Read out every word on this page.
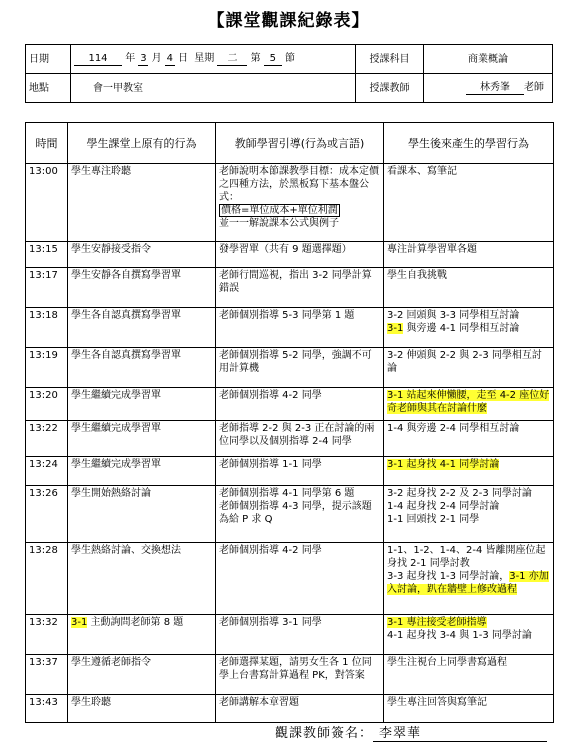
【課堂觀課紀錄表】
日期	114 年 3 月 4 日 星期 二 第 5 節	授課科目	商業概論
地點	會一甲教室	授課教師	林秀峯 老師
時間	學生課堂上原有的行為	教師學習引導(行為或言語)	學生後來產生的學習行為
13:00	學生專注聆聽	老師說明本節課教學目標：成本定價之四種方法，於黑板寫下基本盤公式：
價格=單位成本+單位利潤
並一一解說課本公式與例子	看課本、寫筆記
13:15	學生安靜接受指令	發學習單（共有 9 題選擇題）	專注計算學習單各題
13:17	學生安靜各自撰寫學習單	老師行間巡視，指出 3-2 同學計算錯誤	學生自我挑戰
13:18	學生各自認真撰寫學習單	老師個別指導 5-3 同學第 1 題	3-2 回頭與 3-3 同學相互討論
3-1 與旁邊 4-1 同學相互討論
13:19	學生各自認真撰寫學習單	老師個別指導 5-2 同學，強調不可用計算機	3-2 伸頭與 2-2 與 2-3 同學相互討論
13:20	學生繼續完成學習單	老師個別指導 4-2 同學	3-1 站起來伸懶腰，走至 4-2 座位好奇老師與其在討論什麼
13:22	學生繼續完成學習單	老師指導 2-2 與 2-3 正在討論的兩位同學以及個別指導 2-4 同學	1-4 與旁邊 2-4 同學相互討論
13:24	學生繼續完成學習單	老師個別指導 1-1 同學	3-1 起身找 4-1 同學討論
13:26	學生開始熱絡討論	老師個別指導 4-1 同學第 6 題
老師個別指導 4-3 同學，提示該題為給 P 求 Q	3-2 起身找 2-2 及 2-3 同學討論
1-4 起身找 2-4 同學討論
1-1 回頭找 2-1 同學
13:28	學生熱絡討論、交換想法	老師個別指導 4-2 同學	1-1、1-2、1-4、2-4 皆離開座位起身找 2-1 同學討教
3-3 起身找 1-3 同學討論，3-1 亦加入討論，趴在牆壁上修改過程
13:32	3-1 主動詢問老師第 8 題	老師個別指導 3-1 同學	3-1 專注接受老師指導
4-1 起身找 3-4 與 1-3 同學討論
13:37	學生遵循老師指令	老師選擇某題，請男女生各 1 位同學上台書寫計算過程 PK，對答案	學生注視台上同學書寫過程
13:43	學生聆聽	老師講解本章習題	學生專注回答與寫筆記
觀課教師簽名： 李翠華
